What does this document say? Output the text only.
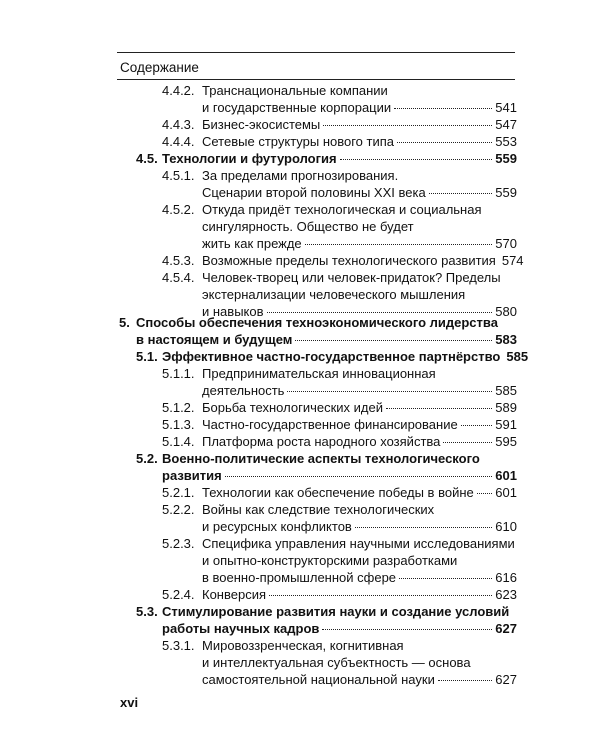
Содержание
4.4.2. Транснациональные компании
и государственные корпорации	541
4.4.3. Бизнес-экосистемы	547
4.4.4. Сетевые структуры нового типа	553
4.5. Технологии и футурология	559
4.5.1. За пределами прогнозирования.
Сценарии второй половины XXI века	559
4.5.2. Откуда придёт технологическая и социальная
сингулярность. Общество не будет
жить как прежде	570
4.5.3. Возможные пределы технологического развития 574
4.5.4. Человек-творец или человек-придаток? Пределы
экстернализации человеческого мышления
и навыков	580
5. Способы обеспечения техноэкономического лидерства
в настоящем и будущем	583
5.1. Эффективное частно-государственное партнёрство 585
5.1.1. Предпринимательская инновационная
деятельность	585
5.1.2. Борьба технологических идей	589
5.1.3. Частно-государственное финансирование	591
5.1.4. Платформа роста народного хозяйства	595
5.2. Военно-политические аспекты технологического
развития	601
5.2.1. Технологии как обеспечение победы в войне 601
5.2.2. Войны как следствие технологических
и ресурсных конфликтов	610
5.2.3. Специфика управления научными исследованиями
и опытно-конструкторскими разработками
в военно-промышленной сфере	616
5.2.4. Конверсия	623
5.3. Стимулирование развития науки и создание условий
работы научных кадров	627
5.3.1. Мировоззренческая, когнитивная
и интеллектуальная субъектность — основа
самостоятельной национальной науки	627
xvi
